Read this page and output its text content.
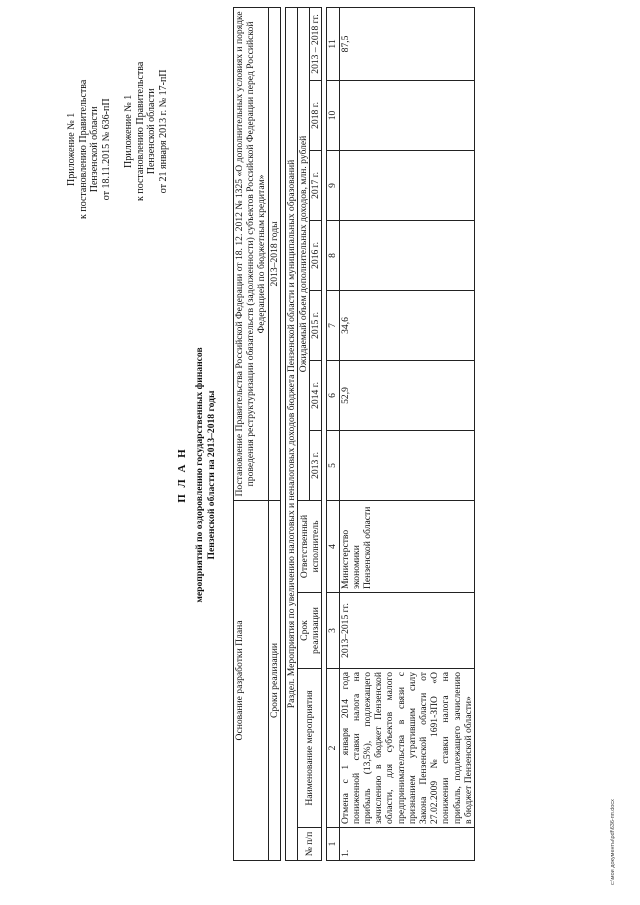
Приложение № 1 к постановлению Правительства Пензенской области от 18.11.2015 № 636-пП Приложение № 1 к постановлению Правительства Пензенской области от 21 января 2013 г. № 17-пП
П Л А Н мероприятий по оздоровлению государственных финансов Пензенской области на 2013–2018 годы
Основание разработки Плана				Постановление Правительства Российской Федерации от 18. 12. 2012 № 1325 «О дополнительных условиях и порядке проведения реструктуризации обязательств (задолженности) субъектов Российской Федерации перед Российской Федерацией по бюджетным кредитам»						
Сроки реализации				2013–2018 годы						

Раздел. Мероприятия по увеличению налоговых и неналоговых доходов бюджета Пензенской области и муниципальных образований										
№ п/п	Наименование мероприятия	Срок реализации	Ответственный исполнитель	Ожидаемый объем дополнительных доходов, млн. рублей						
				2013 г.	2014 г.	2015 г.	2016 г.	2017 г.	2018 г.	2013 – 2018 гг.

1	2	3	4	5	6	7	8	9	10	11
1.	Отмена с 1 января 2014 года пониженной ставки налога на прибыль (13,5%), подлежащего зачислению в бюджет Пензенской области, для субъектов малого предпринимательства в связи с признанием утратившим силу Закона Пензенской области от 27.02.2009 № 1691-ЗПО «О понижении ставки налога на прибыль, подлежащего зачислению в бюджет Пензенской области»	2013–2015 гг.	Министерство экономики Пензенской области		52,9	34,6				87,5
c:\мои документы\pdf\636-пп.docx
